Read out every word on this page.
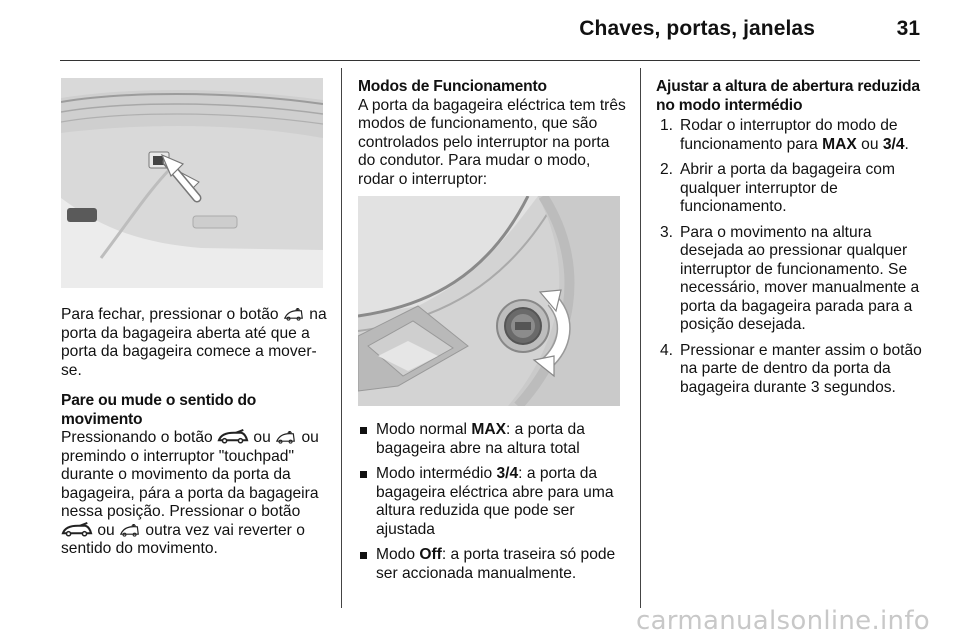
Chaves, portas, janelas	31

Para fechar, pressionar o botão na porta da bagageira aberta até que a porta da bagageira comece a mover-se.

Pare ou mude o sentido do movimento

Pressionando o botão	ou ou premindo o interruptor "touchpad" durante o movimento da porta da bagageira, pára a porta da bagageira nessa posição. Pressionar o botão  ou outra vez vai reverter o sentido do movimento.

Modos de Funcionamento

A porta da bagageira eléctrica tem três modos de funcionamento, que são controlados pelo interruptor na porta do condutor. Para mudar o modo, rodar o interruptor:

Modo normal MAX: a porta da bagageira abre na altura total
Modo intermédio 3/4: a porta da bagageira eléctrica abre para uma altura reduzida que pode ser ajustada
Modo Off: a porta traseira só pode ser accionada manualmente.

Ajustar a altura de abertura reduzida no modo intermédio

1. Rodar o interruptor do modo de funcionamento para MAX ou 3/4.
2. Abrir a porta da bagageira com qualquer interruptor de funcionamento.
3. Para o movimento na altura desejada ao pressionar qualquer interruptor de funcionamento. Se necessário, mover manualmente a porta da bagageira parada para a posição desejada.
4. Pressionar e manter assim o botão na parte de dentro da porta da bagageira durante 3 segundos.
carmanualsonline.info
